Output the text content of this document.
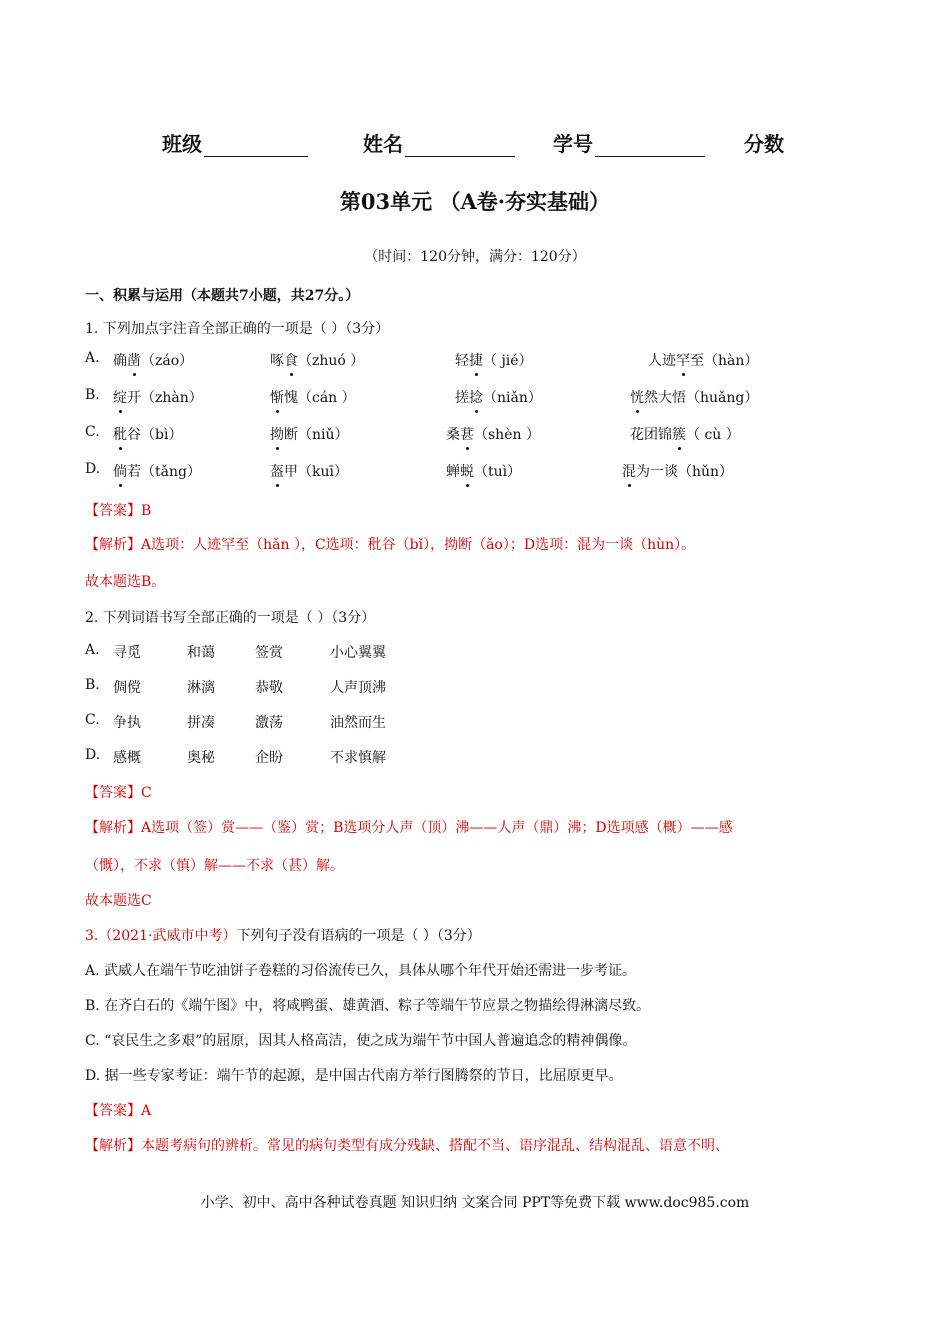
班级	姓名	学号	分数
第03单元 （A卷·夯实基础）
（时间：120分钟，满分：120分）
一、积累与运用（本题共7小题，共27分。）
1. 下列加点字注音全部正确的一项是（ ）（3分）
A. 确凿（záo）	啄食（zhuó ）	轻捷（ jié）	人迹罕至（hàn）
B. 绽开（zhàn）	惭愧（cán ）	搓捻（niǎn）	恍然大悟（huǎng）
C. 秕谷（bì）	拗断（niǔ）	桑葚（shèn ）	花团锦簇（ cù ）
D. 倘若（tǎng）	盔甲（kuī）	蝉蜕（tuì）	混为一谈（hǔn）
【答案】B
【解析】A选项：人迹罕至（hǎn ），C选项：秕谷（bǐ），拗断（ǎo）；D选项：混为一谈（hùn）。
故本题选B。
2. 下列词语书写全部正确的一项是（ ）（3分）
A. 寻觅	和蔼	签赏	小心翼翼
B. 倜傥	淋漓	恭敬	人声顶沸
C. 争执	拼凑	激荡	油然而生
D. 感概	奥秘	企盼	不求慎解
【答案】C
【解析】A选项（签）赏——（鉴）赏；B选项分人声（顶）沸——人声（鼎）沸；D选项感（概）——感
（慨），不求（慎）解——不求（甚）解。
故本题选C
3.（2021·武威市中考）下列句子没有语病的一项是（ ）（3分）
A. 武威人在端午节吃油饼子卷糕的习俗流传已久，具体从哪个年代开始还需进一步考证。
B. 在齐白石的《端午图》中，将咸鸭蛋、雄黄酒、粽子等端午节应景之物描绘得淋漓尽致。
C. “哀民生之多艰”的屈原，因其人格高洁，使之成为端午节中国人普遍追念的精神偶像。
D. 据一些专家考证：端午节的起源，是中国古代南方举行图腾祭的节日，比屈原更早。
【答案】A
【解析】本题考病句的辨析。常见的病句类型有成分残缺、搭配不当、语序混乱、结构混乱、语意不明、
小学、初中、高中各种试卷真题 知识归纳 文案合同 PPT等免费下载 www.doc985.com
